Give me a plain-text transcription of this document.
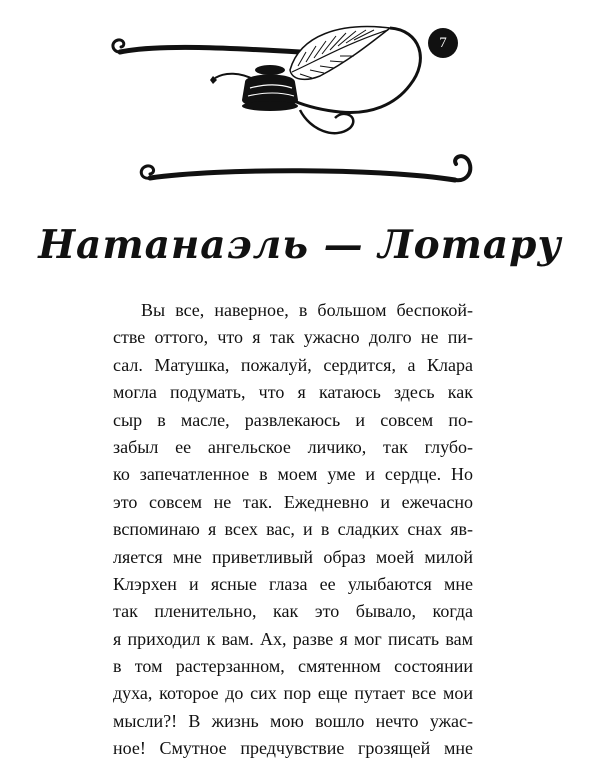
7
Натанаэль — Лотару
Вы все, наверное, в большом беспокой-
стве оттого, что я так ужасно долго не пи-
сал. Матушка, пожалуй, сердится, а Клара
могла подумать, что я катаюсь здесь как
сыр в масле, развлекаюсь и совсем по-
забыл ее ангельское личико, так глубо-
ко запечатленное в моем уме и сердце. Но
это совсем не так. Ежедневно и ежечасно
вспоминаю я всех вас, и в сладких снах яв-
ляется мне приветливый образ моей милой
Клэрхен и ясные глаза ее улыбаются мне
так пленительно, как это бывало, когда
я приходил к вам. Ах, разве я мог писать вам
в том растерзанном, смятенном состоянии
духа, которое до сих пор еще путает все мои
мысли?! В жизнь мою вошло нечто ужас-
ное! Смутное предчувствие грозящей мне
